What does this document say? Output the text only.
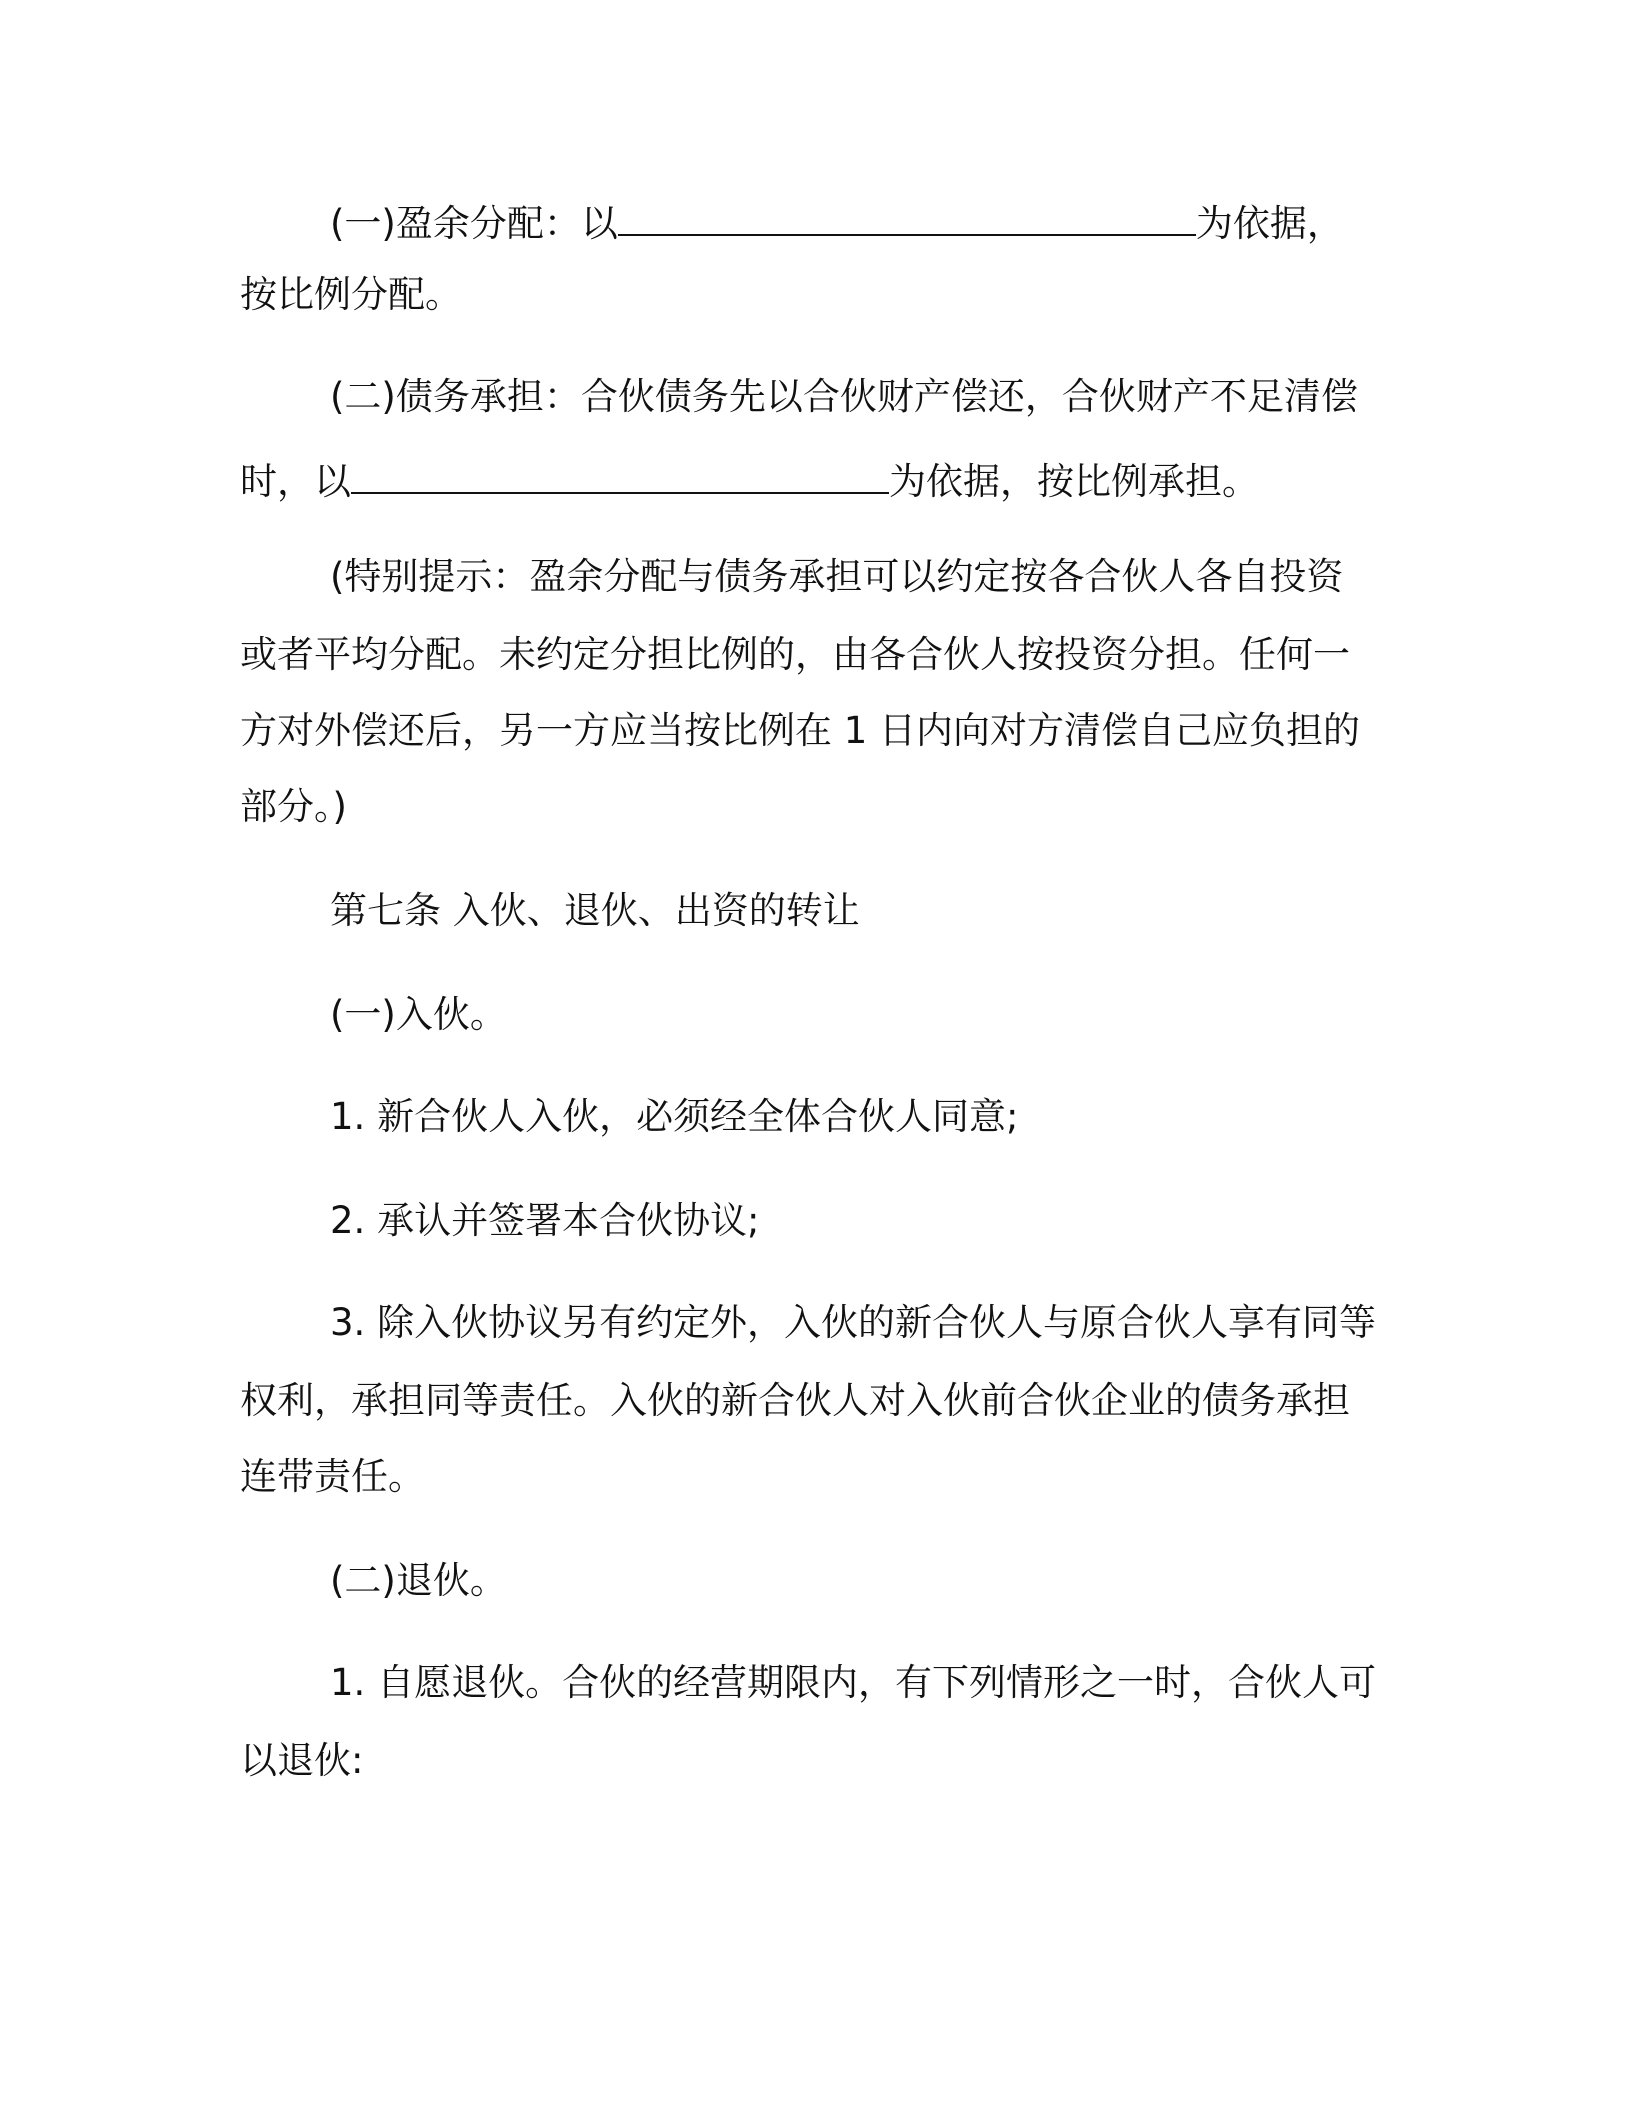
(一)盈余分配：以	为依据，
按比例分配。
(二)债务承担：合伙债务先以合伙财产偿还，合伙财产不足清偿
时，以	为依据，按比例承担。
(特别提示：盈余分配与债务承担可以约定按各合伙人各自投资
或者平均分配。未约定分担比例的，由各合伙人按投资分担。任何一
方对外偿还后，另一方应当按比例在 1 日内向对方清偿自己应负担的
部分。)
第七条 入伙、退伙、出资的转让
(一)入伙。
1. 新合伙人入伙，必须经全体合伙人同意;
2. 承认并签署本合伙协议;
3. 除入伙协议另有约定外，入伙的新合伙人与原合伙人享有同等
权利，承担同等责任。入伙的新合伙人对入伙前合伙企业的债务承担
连带责任。
(二)退伙。
1. 自愿退伙。合伙的经营期限内，有下列情形之一时，合伙人可
以退伙:
